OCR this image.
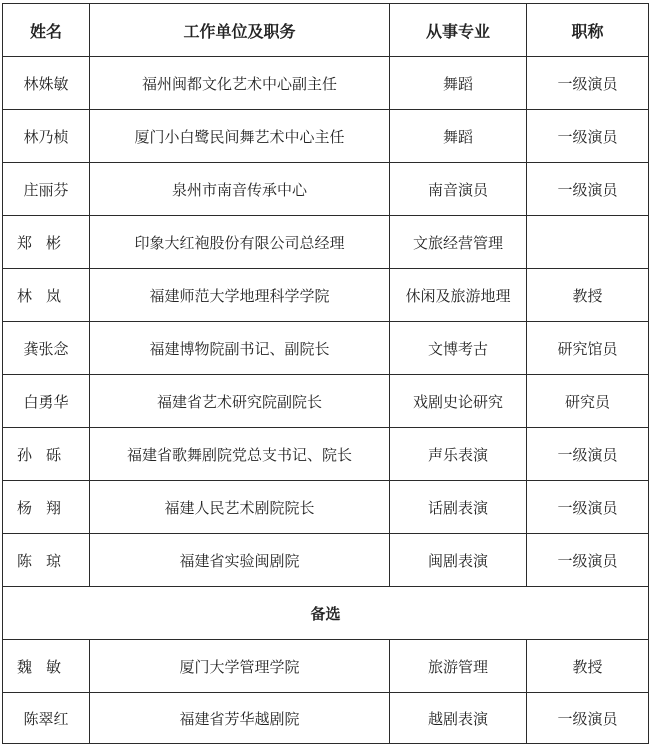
姓名	工作单位及职务	从事专业	职称
林姝敏	福州闽都文化艺术中心副主任	舞蹈	一级演员
林乃桢	厦门小白鹭民间舞艺术中心主任	舞蹈	一级演员
庄丽芬	泉州市南音传承中心	南音演员	一级演员
郑彬	印象大红袍股份有限公司总经理	文旅经营管理	
林岚	福建师范大学地理科学学院	休闲及旅游地理	教授
龚张念	福建博物院副书记、副院长	文博考古	研究馆员
白勇华	福建省艺术研究院副院长	戏剧史论研究	研究员
孙砾	福建省歌舞剧院党总支书记、院长	声乐表演	一级演员
杨翔	福建人民艺术剧院院长	话剧表演	一级演员
陈琼	福建省实验闽剧院	闽剧表演	一级演员
备选			
魏敏	厦门大学管理学院	旅游管理	教授
陈翠红	福建省芳华越剧院	越剧表演	一级演员
